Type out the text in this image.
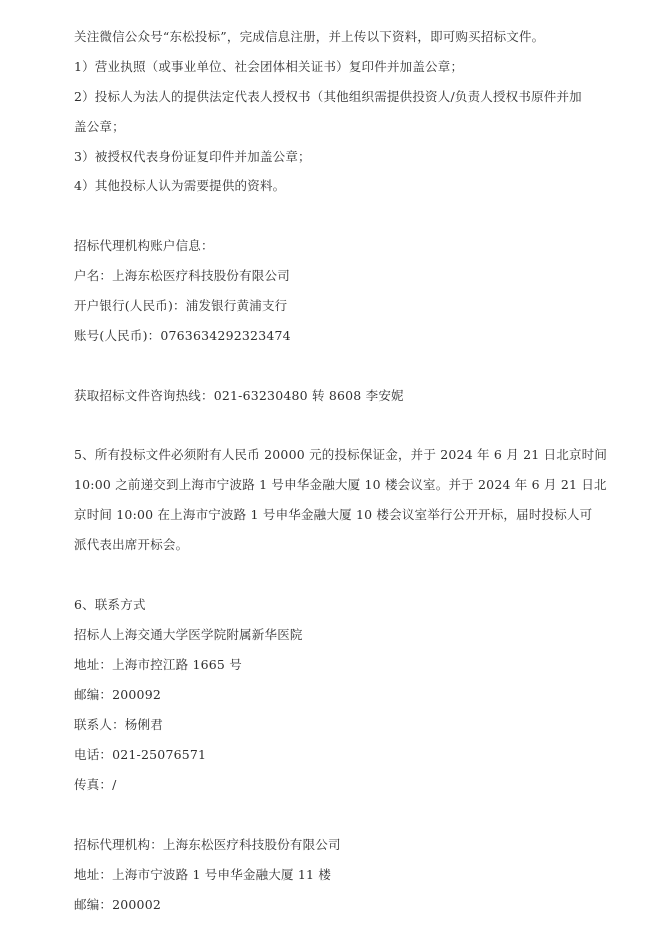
关注微信公众号“东松投标”，完成信息注册，并上传以下资料，即可购买招标文件。
1）营业执照（或事业单位、社会团体相关证书）复印件并加盖公章；
2）投标人为法人的提供法定代表人授权书（其他组织需提供投资人/负责人授权书原件并加
盖公章；
3）被授权代表身份证复印件并加盖公章；
4）其他投标人认为需要提供的资料。
招标代理机构账户信息：
户名：上海东松医疗科技股份有限公司
开户银行(人民币)：浦发银行黄浦支行
账号(人民币)：0763634292323474
获取招标文件咨询热线：021-63230480 转 8608 李安妮
5、所有投标文件必须附有人民币 20000 元的投标保证金，并于 2024 年 6 月 21 日北京时间
10:00 之前递交到上海市宁波路 1 号申华金融大厦 10 楼会议室。并于 2024 年 6 月 21 日北
京时间 10:00 在上海市宁波路 1 号申华金融大厦 10 楼会议室举行公开开标，届时投标人可
派代表出席开标会。
6、联系方式
招标人上海交通大学医学院附属新华医院
地址：上海市控江路 1665 号
邮编：200092
联系人：杨俐君
电话：021-25076571
传真：/
招标代理机构：上海东松医疗科技股份有限公司
地址：上海市宁波路 1 号申华金融大厦 11 楼
邮编：200002
